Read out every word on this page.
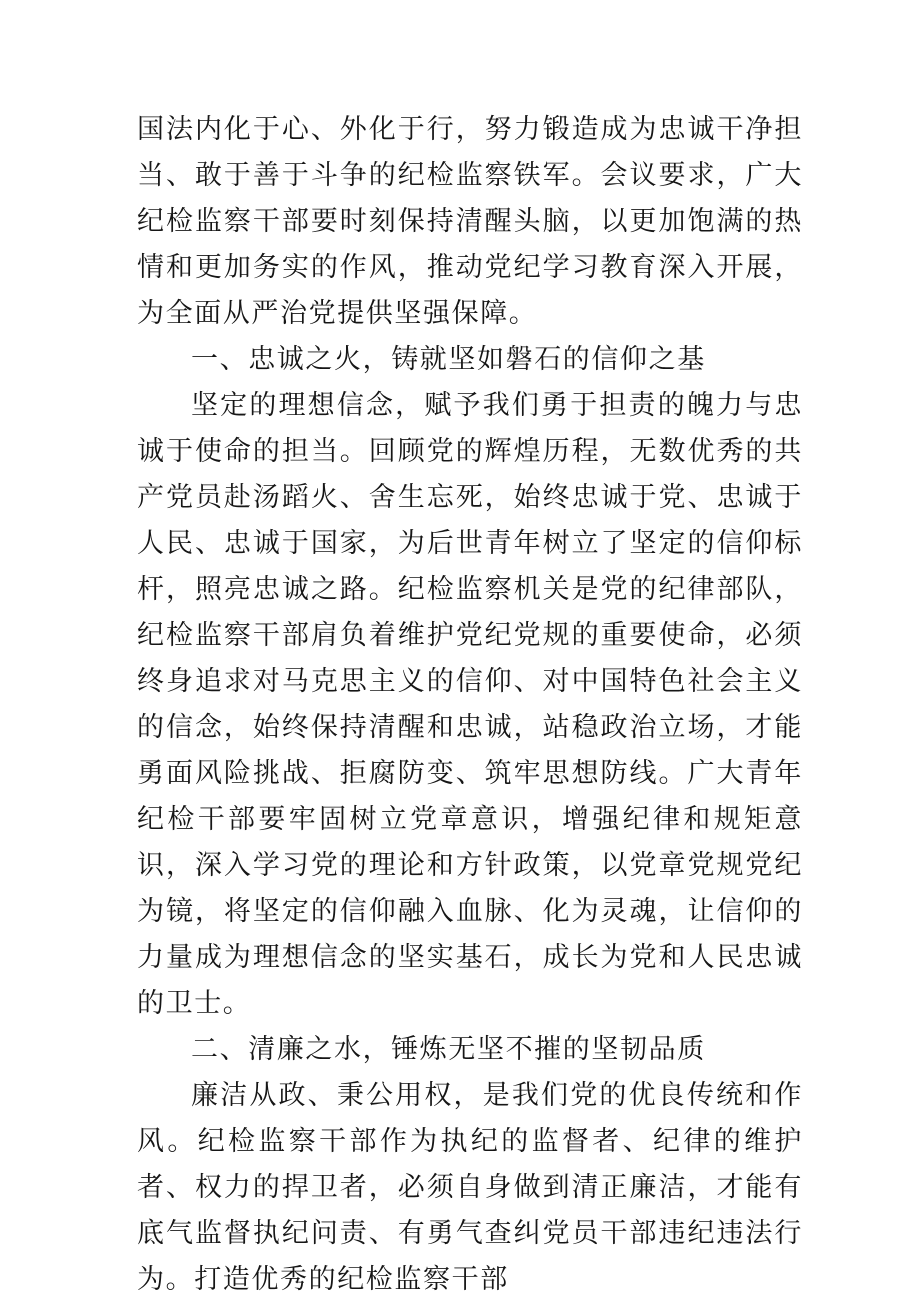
国法内化于心、外化于行，努力锻造成为忠诚干净担当、敢于善于斗争的纪检监察铁军。会议要求，广大纪检监察干部要时刻保持清醒头脑，以更加饱满的热情和更加务实的作风，推动党纪学习教育深入开展，为全面从严治党提供坚强保障。

一、忠诚之火，铸就坚如磐石的信仰之基

坚定的理想信念，赋予我们勇于担责的魄力与忠诚于使命的担当。回顾党的辉煌历程，无数优秀的共产党员赴汤蹈火、舍生忘死，始终忠诚于党、忠诚于人民、忠诚于国家，为后世青年树立了坚定的信仰标杆，照亮忠诚之路。纪检监察机关是党的纪律部队，纪检监察干部肩负着维护党纪党规的重要使命，必须终身追求对马克思主义的信仰、对中国特色社会主义的信念，始终保持清醒和忠诚，站稳政治立场，才能勇面风险挑战、拒腐防变、筑牢思想防线。广大青年纪检干部要牢固树立党章意识，增强纪律和规矩意识，深入学习党的理论和方针政策，以党章党规党纪为镜，将坚定的信仰融入血脉、化为灵魂，让信仰的力量成为理想信念的坚实基石，成长为党和人民忠诚的卫士。

二、清廉之水，锤炼无坚不摧的坚韧品质

廉洁从政、秉公用权，是我们党的优良传统和作风。纪检监察干部作为执纪的监督者、纪律的维护者、权力的捍卫者，必须自身做到清正廉洁，才能有底气监督执纪问责、有勇气查纠党员干部违纪违法行为。打造优秀的纪检监察干部
